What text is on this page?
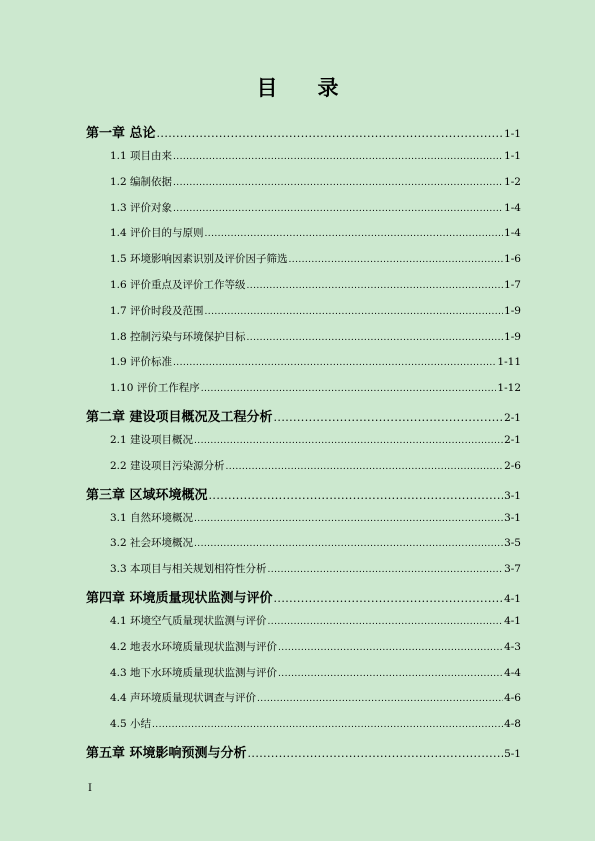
目 录
第一章 总论 .....	1-1
1.1 项目由来 .....	1-1
1.2 编制依据 .....	1-2
1.3 评价对象 .....	1-4
1.4 评价目的与原则 .....	1-4
1.5 环境影响因素识别及评价因子筛选 .....	1-6
1.6 评价重点及评价工作等级 .....	1-7
1.7 评价时段及范围 .....	1-9
1.8 控制污染与环境保护目标 .....	1-9
1.9 评价标准 .....	1-11
1.10 评价工作程序 .....	1-12
第二章 建设项目概况及工程分析 .....	2-1
2.1 建设项目概况 .....	2-1
2.2 建设项目污染源分析 .....	2-6
第三章 区域环境概况 .....	3-1
3.1 自然环境概况 .....	3-1
3.2 社会环境概况 .....	3-5
3.3 本项目与相关规划相符性分析 .....	3-7
第四章 环境质量现状监测与评价 .....	4-1
4.1 环境空气质量现状监测与评价 .....	4-1
4.2 地表水环境质量现状监测与评价 .....	4-3
4.3 地下水环境质量现状监测与评价 .....	4-4
4.4 声环境质量现状调查与评价 .....	4-6
4.5 小结 .....	4-8
第五章 环境影响预测与分析 .....	5-1
I
